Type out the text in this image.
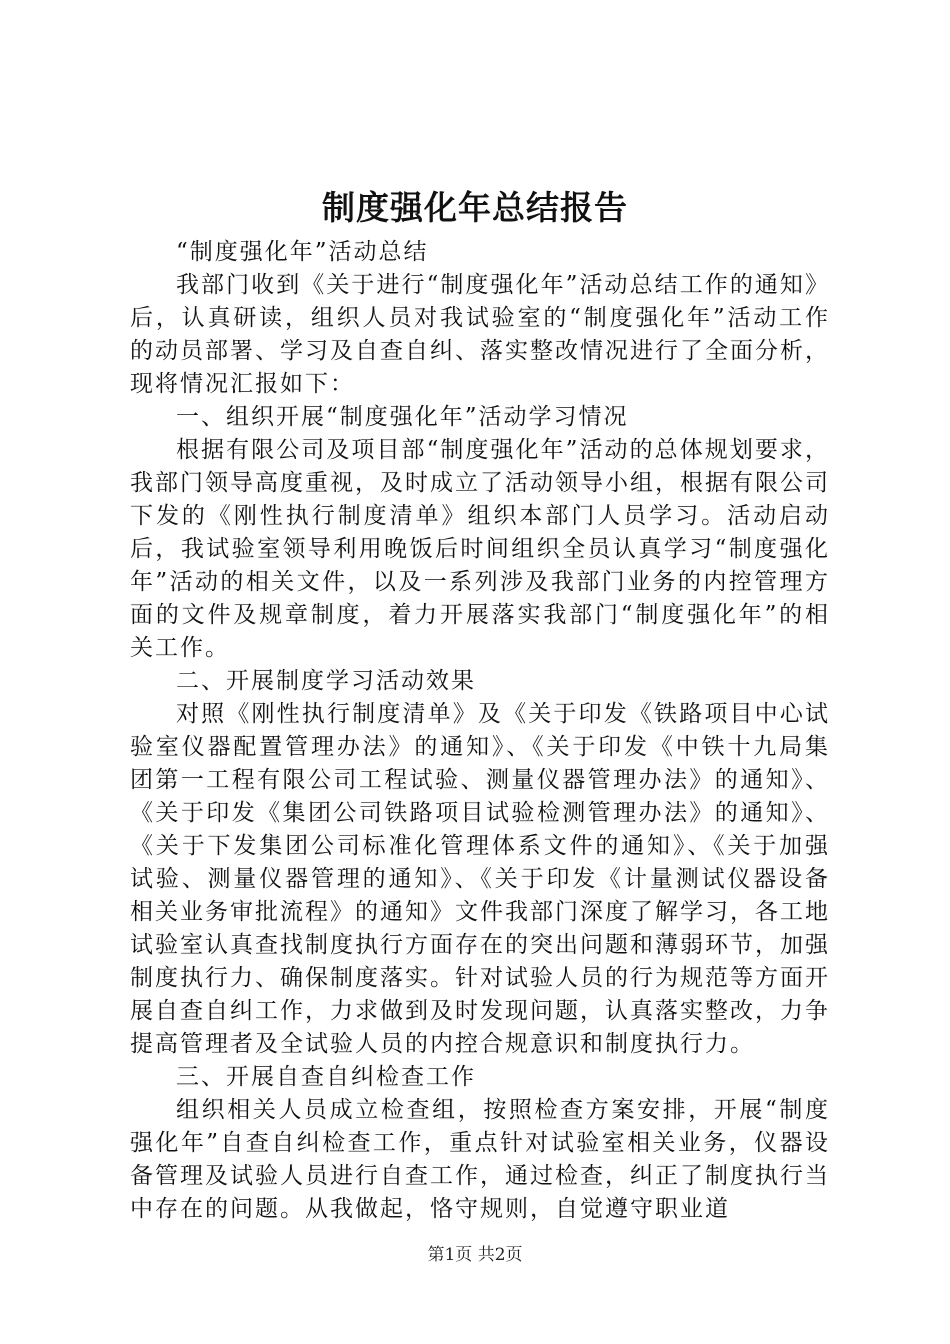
制度强化年总结报告

“制度强化年”活动总结

我部门收到《关于进行“制度强化年”活动总结工作的通知》后，认真研读，组织人员对我试验室的“制度强化年”活动工作的动员部署、学习及自查自纠、落实整改情况进行了全面分析，现将情况汇报如下：

一、组织开展“制度强化年”活动学习情况

根据有限公司及项目部“制度强化年”活动的总体规划要求，我部门领导高度重视，及时成立了活动领导小组，根据有限公司下发的《刚性执行制度清单》组织本部门人员学习。活动启动后，我试验室领导利用晚饭后时间组织全员认真学习“制度强化年”活动的相关文件，以及一系列涉及我部门业务的内控管理方面的文件及规章制度，着力开展落实我部门“制度强化年”的相关工作。

二、开展制度学习活动效果

对照《刚性执行制度清单》及《关于印发《铁路项目中心试验室仪器配置管理办法》的通知》、《关于印发《中铁十九局集团第一工程有限公司工程试验、测量仪器管理办法》的通知》、《关于印发《集团公司铁路项目试验检测管理办法》的通知》、《关于下发集团公司标准化管理体系文件的通知》、《关于加强试验、测量仪器管理的通知》、《关于印发《计量测试仪器设备相关业务审批流程》的通知》文件我部门深度了解学习，各工地试验室认真查找制度执行方面存在的突出问题和薄弱环节，加强制度执行力、确保制度落实。针对试验人员的行为规范等方面开展自查自纠工作，力求做到及时发现问题，认真落实整改，力争提高管理者及全试验人员的内控合规意识和制度执行力。

三、开展自查自纠检查工作

组织相关人员成立检查组，按照检查方案安排，开展“制度强化年”自查自纠检查工作，重点针对试验室相关业务，仪器设备管理及试验人员进行自查工作，通过检查，纠正了制度执行当中存在的问题。从我做起，恪守规则，自觉遵守职业道

第1页 共2页
